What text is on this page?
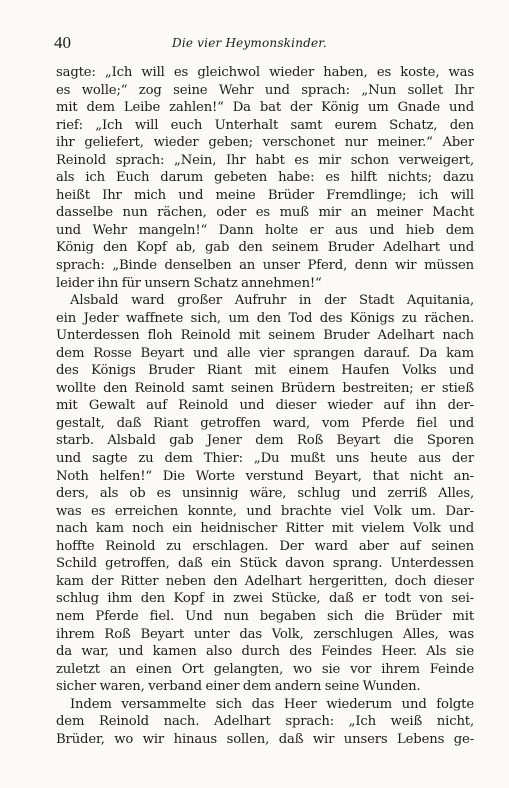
40	Die vier Heymonskinder.
sagte: „Ich will es gleichwol wieder haben, es koste, was
es wolle;“ zog seine Wehr und sprach: „Nun sollet Ihr
mit dem Leibe zahlen!“ Da bat der König um Gnade und
rief: „Ich will euch Unterhalt samt eurem Schatz, den
ihr geliefert, wieder geben; verschonet nur meiner.“ Aber
Reinold sprach: „Nein, Ihr habt es mir schon verweigert,
als ich Euch darum gebeten habe: es hilft nichts; dazu
heißt Ihr mich und meine Brüder Fremdlinge; ich will
dasselbe nun rächen, oder es muß mir an meiner Macht
und Wehr mangeln!“ Dann holte er aus und hieb dem
König den Kopf ab, gab den seinem Bruder Adelhart und
sprach: „Binde denselben an unser Pferd, denn wir müssen
leider ihn für unsern Schatz annehmen!“
Alsbald ward großer Aufruhr in der Stadt Aquitania,
ein Jeder waffnete sich, um den Tod des Königs zu rächen.
Unterdessen floh Reinold mit seinem Bruder Adelhart nach
dem Rosse Beyart und alle vier sprangen darauf. Da kam
des Königs Bruder Riant mit einem Haufen Volks und
wollte den Reinold samt seinen Brüdern bestreiten; er stieß
mit Gewalt auf Reinold und dieser wieder auf ihn der-
gestalt, daß Riant getroffen ward, vom Pferde fiel und
starb. Alsbald gab Jener dem Roß Beyart die Sporen
und sagte zu dem Thier: „Du mußt uns heute aus der
Noth helfen!“ Die Worte verstund Beyart, that nicht an-
ders, als ob es unsinnig wäre, schlug und zerriß Alles,
was es erreichen konnte, und brachte viel Volk um. Dar-
nach kam noch ein heidnischer Ritter mit vielem Volk und
hoffte Reinold zu erschlagen. Der ward aber auf seinen
Schild getroffen, daß ein Stück davon sprang. Unterdessen
kam der Ritter neben den Adelhart hergeritten, doch dieser
schlug ihm den Kopf in zwei Stücke, daß er todt von sei-
nem Pferde fiel. Und nun begaben sich die Brüder mit
ihrem Roß Beyart unter das Volk, zerschlugen Alles, was
da war, und kamen also durch des Feindes Heer. Als sie
zuletzt an einen Ort gelangten, wo sie vor ihrem Feinde
sicher waren, verband einer dem andern seine Wunden.
Indem versammelte sich das Heer wiederum und folgte
dem Reinold nach. Adelhart sprach: „Ich weiß nicht,
Brüder, wo wir hinaus sollen, daß wir unsers Lebens ge-
